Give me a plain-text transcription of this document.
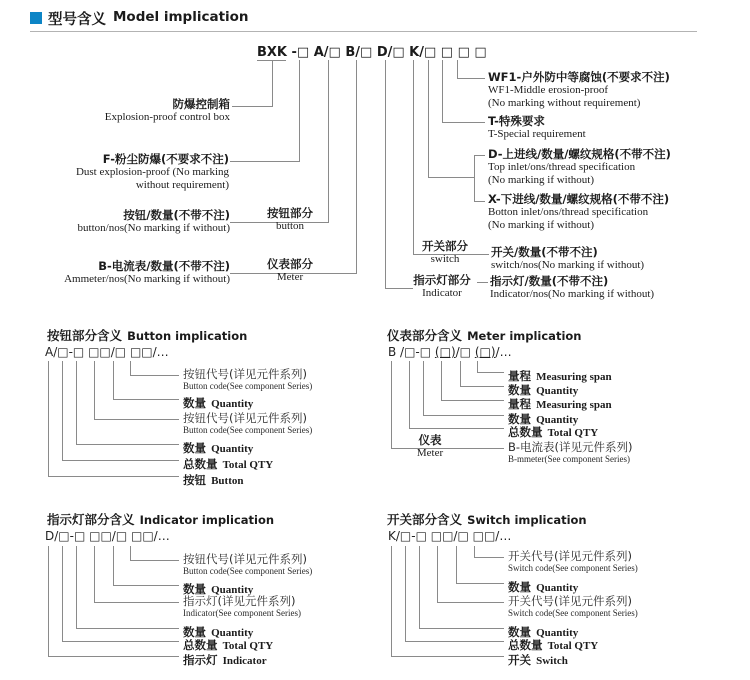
型号含义 Model implication
BXK -□ A/□ B/□ D/□ K/□ □ □ □
防爆控制箱
Explosion-proof control box
F-粉尘防爆(不要求不注)
Dust explosion-proof (No marking
without requirement)
按钮/数量(不带不注)
button/nos(No marking if without)
B-电流表/数量(不带不注)
Ammeter/nos(No marking if without)
按钮部分
button
仪表部分
Meter
开关部分
switch
指示灯部分
Indicator
WF1-户外防中等腐蚀(不要求不注)
WF1-Middle erosion-proof
(No marking without requirement)
T-特殊要求
T-Special requirement
D-上进线/数量/螺纹规格(不带不注)
Top inlet/ons/thread specification
(No marking if without)
X-下进线/数量/螺纹规格(不带不注)
Botton inlet/ons/thread specification
(No marking if without)
开关/数量(不带不注)
switch/nos(No marking if without)
指示灯/数量(不带不注)
Indicator/nos(No marking if without)
按钮部分含义 Button implication
A/□-□ □□/□ □□/…
按钮代号(详见元件系列)
Button code(See component Series)
数量 Quantity
按钮代号(详见元件系列)
Button code(See component Series)
数量 Quantity
总数量 Total QTY
按钮 Button
仪表部分含义 Meter implication
B /□-□ (□)/□ (□)/…
量程 Measuring span
数量 Quantity
量程 Measuring span
数量 Quantity
总数量 Total QTY
B-电流表(详见元件系列)
B-mmeter(See component Series)
仪表
Meter
指示灯部分含义 Indicator implication
D/□-□ □□/□ □□/…
按钮代号(详见元件系列)
Button code(See component Series)
数量 Quantity
指示灯(详见元件系列)
Indicator(See component Series)
数量 Quantity
总数量 Total QTY
指示灯 Indicator
开关部分含义 Switch implication
K/□-□ □□/□ □□/…
开关代号(详见元件系列)
Switch code(See component Series)
数量 Quantity
开关代号(详见元件系列)
Switch code(See component Series)
数量 Quantity
总数量 Total QTY
开关 Switch
